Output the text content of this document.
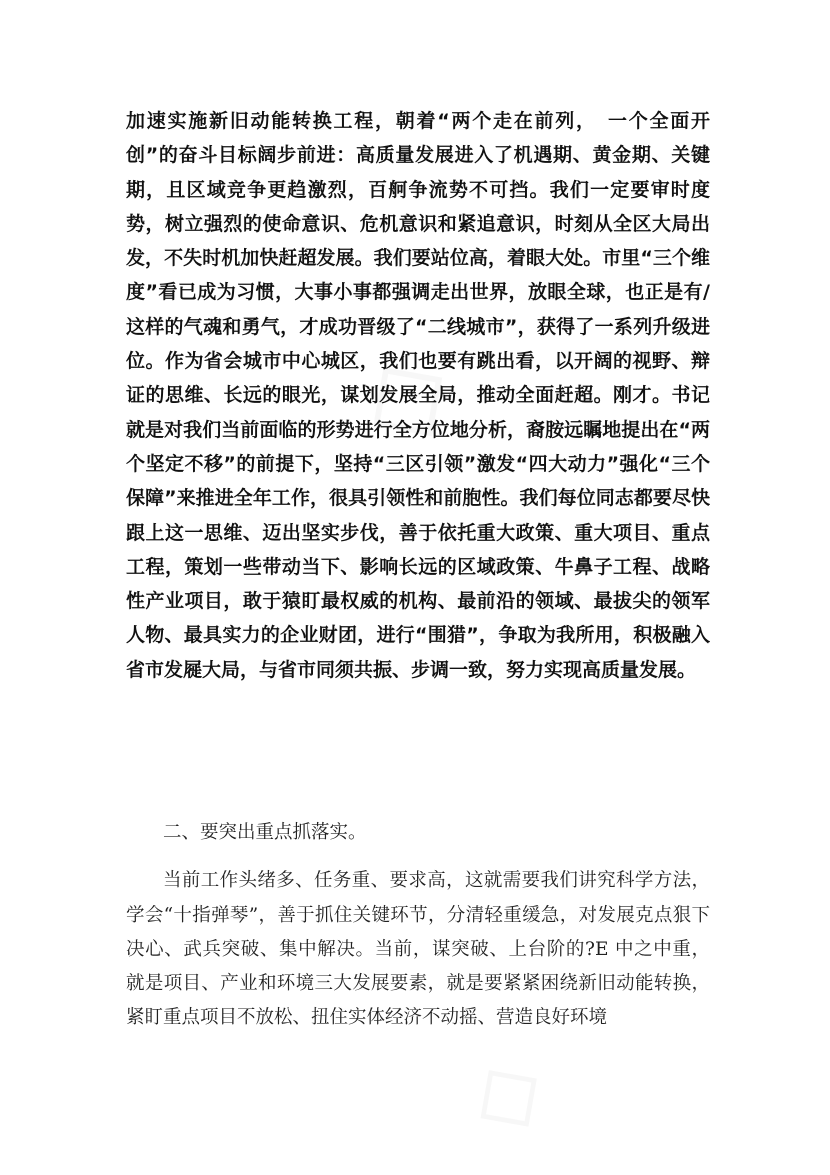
◇
◇
加速实施新旧动能转换工程，朝着“两个走在前列，　一个全面开创”的奋斗目标阔步前进：高质量发展进入了机遇期、黄金期、关键期，且区域竞争更趋激烈，百舸争流势不可挡。我们一定要审时度势，树立强烈的使命意识、危机意识和紧追意识，时刻从全区大局出发，不失时机加快赶超发展。我们要站位高，着眼大处。市里“三个维度”看已成为习惯，大事小事都强调走出世界，放眼全球，也正是有/这样的气魂和勇气，才成功晋级了“二线城市”，获得了一系列升级进位。作为省会城市中心城区，我们也要有跳出看，以开阔的视野、辩证的思维、长远的眼光，谋划发展全局，推动全面赶超。刚才。书记就是对我们当前面临的形势进行全方位地分析，裔胺远瞩地提出在“两个坚定不移”的前提下，坚持“三区引领”激发“四大动力”强化“三个保障”来推进全年工作，很具引领性和前胞性。我们每位同志都要尽快跟上这一思维、迈出坚实步伐，善于依托重大政策、重大项目、重点工程，策划一些带动当下、影响长远的区域政策、牛鼻子工程、战略性产业项目，敢于猿盯最权威的机构、最前沿的领域、最拔尖的领军人物、最具实力的企业财团，进行“围猎”，争取为我所用，积极融入省市发屣大局，与省市同须共振、步调一致，努力实现高质量发展。

二、要突出重点抓落实。

当前工作头绪多、任务重、要求高，这就需要我们讲究科学方法，学会“十指弹琴”，善于抓住关键环节，分清轻重缓急，对发展克点狠下决心、武兵突破、集中解决。当前，谋突破、上台阶的?E 中之中重，就是项目、产业和环境三大发展要素，就是要紧紧困绕新旧动能转换，紧盯重点项目不放松、扭住实体经济不动摇、营造良好环境
